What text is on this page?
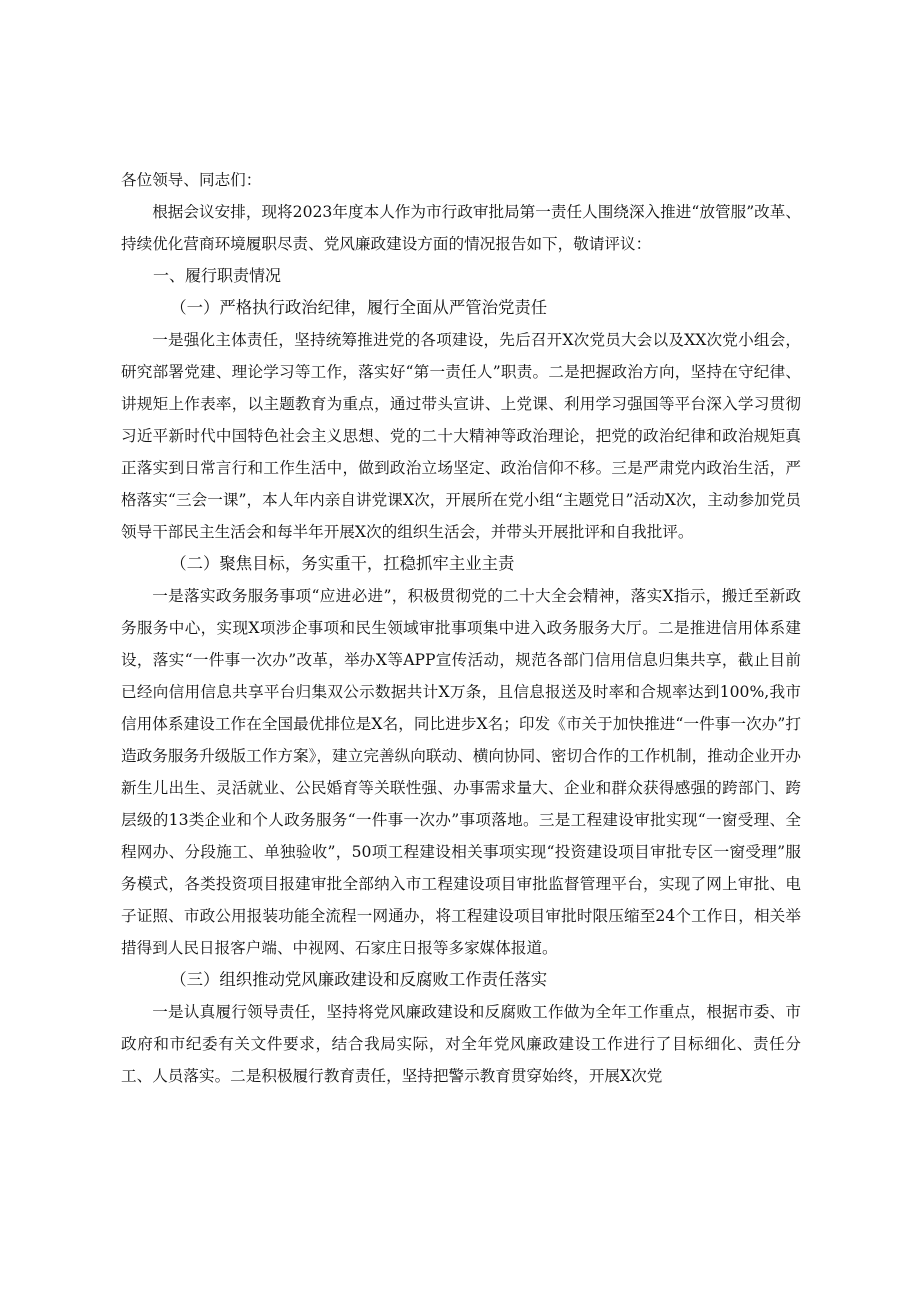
各位领导、同志们：

根据会议安排，现将2023年度本人作为市行政审批局第一责任人围绕深入推进“放管服”改革、持续优化营商环境履职尽责、党风廉政建设方面的情况报告如下，敬请评议：

一、履行职责情况

（一）严格执行政治纪律，履行全面从严管治党责任

一是强化主体责任，坚持统筹推进党的各项建设，先后召开X次党员大会以及XX次党小组会，研究部署党建、理论学习等工作，落实好“第一责任人”职责。二是把握政治方向，坚持在守纪律、讲规矩上作表率，以主题教育为重点，通过带头宣讲、上党课、利用学习强国等平台深入学习贯彻习近平新时代中国特色社会主义思想、党的二十大精神等政治理论，把党的政治纪律和政治规矩真正落实到日常言行和工作生活中，做到政治立场坚定、政治信仰不移。三是严肃党内政治生活，严格落实“三会一课”，本人年内亲自讲党课X次，开展所在党小组“主题党日”活动X次，主动参加党员领导干部民主生活会和每半年开展X次的组织生活会，并带头开展批评和自我批评。

（二）聚焦目标，务实重干，扛稳抓牢主业主责

一是落实政务服务事项“应进必进”，积极贯彻党的二十大全会精神，落实X指示，搬迁至新政务服务中心，实现X项涉企事项和民生领域审批事项集中进入政务服务大厅。二是推进信用体系建设，落实“一件事一次办”改革，举办X等APP宣传活动，规范各部门信用信息归集共享，截止目前已经向信用信息共享平台归集双公示数据共计X万条，且信息报送及时率和合规率达到100%,我市信用体系建设工作在全国最优排位是X名，同比进步X名；印发《市关于加快推进“一件事一次办”打造政务服务升级版工作方案》，建立完善纵向联动、横向协同、密切合作的工作机制，推动企业开办新生儿出生、灵活就业、公民婚育等关联性强、办事需求量大、企业和群众获得感强的跨部门、跨层级的13类企业和个人政务服务“一件事一次办”事项落地。三是工程建设审批实现“一窗受理、全程网办、分段施工、单独验收”，50项工程建设相关事项实现“投资建设项目审批专区一窗受理”服务模式，各类投资项目报建审批全部纳入市工程建设项目审批监督管理平台，实现了网上审批、电子证照、市政公用报装功能全流程一网通办，将工程建设项目审批时限压缩至24个工作日，相关举措得到人民日报客户端、中视网、石家庄日报等多家媒体报道。

（三）组织推动党风廉政建设和反腐败工作责任落实

一是认真履行领导责任，坚持将党风廉政建设和反腐败工作做为全年工作重点，根据市委、市政府和市纪委有关文件要求，结合我局实际，对全年党风廉政建设工作进行了目标细化、责任分工、人员落实。二是积极履行教育责任，坚持把警示教育贯穿始终，开展X次党
